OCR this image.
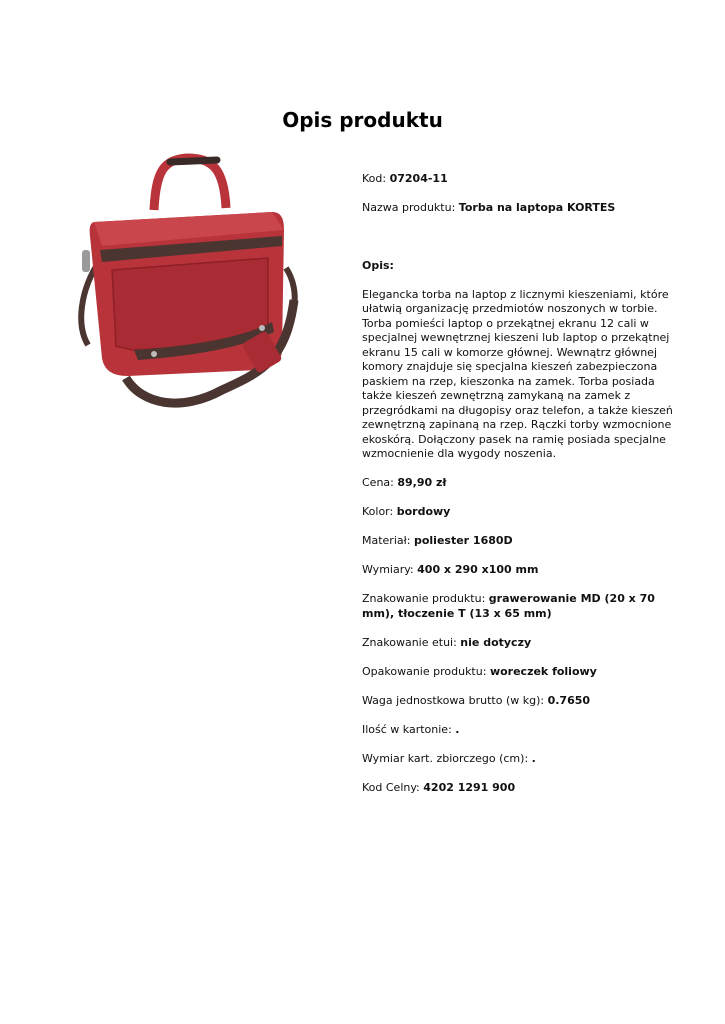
Opis produktu
Kod: 07204-11
Nazwa produktu: Torba na laptopa KORTES
Opis:
Elegancka torba na laptop z licznymi kieszeniami, które ułatwią organizację przedmiotów noszonych w torbie. Torba pomieści laptop o przekątnej ekranu 12 cali w specjalnej wewnętrznej kieszeni lub laptop o przekątnej ekranu 15 cali w komorze głównej. Wewnątrz głównej komory znajduje się specjalna kieszeń zabezpieczona paskiem na rzep, kieszonka na zamek. Torba posiada także kieszeń zewnętrzną zamykaną na zamek z przegródkami na długopisy oraz telefon, a także kieszeń zewnętrzną zapinaną na rzep. Rączki torby wzmocnione ekoskórą. Dołączony pasek na ramię posiada specjalne wzmocnienie dla wygody noszenia.
Cena: 89,90 zł
Kolor: bordowy
Materiał: poliester 1680D
Wymiary: 400 x 290 x100 mm
Znakowanie produktu: grawerowanie MD (20 x 70 mm), tłoczenie T (13 x 65 mm)
Znakowanie etui: nie dotyczy
Opakowanie produktu: woreczek foliowy
Waga jednostkowa brutto (w kg): 0.7650
Ilość w kartonie: .
Wymiar kart. zbiorczego (cm): .
Kod Celny: 4202 1291 900
